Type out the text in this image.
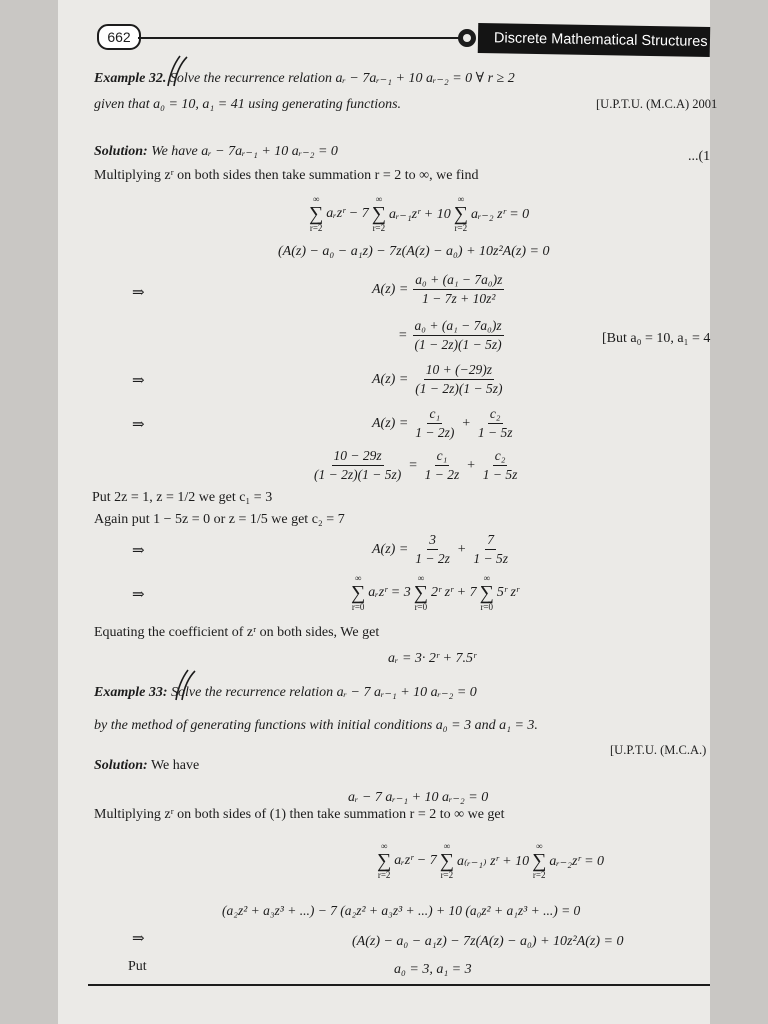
662	Discrete Mathematical Structures
Example 32. Solve the recurrence relation aᵣ − 7aᵣ₋₁ + 10 aᵣ₋₂ = 0 ∀ r ≥ 2
given that a₀ = 10, a₁ = 41 using generating functions.	[U.P.T.U. (M.C.A) 2001
Solution: We have aᵣ − 7aᵣ₋₁ + 10 aᵣ₋₂ = 0	...(1
Multiplying zʳ on both sides then take summation r = 2 to ∞, we find
∞
∑
r=2
aᵣzʳ − 7
∞
∑
r=2
aᵣ₋₁zʳ + 10
∞
∑
r=2
aᵣ₋₂ zʳ = 0
(A(z) − a₀ − a₁z) − 7z(A(z) − a₀) + 10z²A(z) = 0
⇒	$A(z) = \frac{\text{a₀ + (a₁ − 7a₀)z}}{\text{1 − 7z + 10z²}}$
= $\frac{\text{a₀ + (a₁ − 7a₀)z}}{(1 - 2z)(1 - 5z)}$	[But a₀ = 10, a₁ = 4
⇒	$A(z) = \frac{10 + (-29)z}{(1 - 2z)(1 - 5z)}$
⇒	$A(z) = \frac{\text{c₁}}{1 - 2z)} + \frac{\text{c₂}}{1 - 5z}$
$\frac{10 - 29z}{(1 - 2z)(1 - 5z)} = \frac{\text{c₁}}{1 - 2z} + \frac{\text{c₂}}{1 - 5z}$
Put 2z = 1, z = 1/2 we get c₁ = 3
Again put 1 − 5z = 0 or z = 1/5 we get c₂ = 7
⇒	$A(z) = \frac{3}{1 - 2z} + \frac{7}{1 - 5z}$
⇒
∞
∑
r=0
aᵣzʳ = 3
∞
∑
r=0
2ʳ zʳ + 7
∞
∑
r=0
5ʳ zʳ
Equating the coefficient of zʳ on both sides, We get
aᵣ = 3· 2ʳ + 7.5ʳ
Example 33: Solve the recurrence relation aᵣ − 7 aᵣ₋₁ + 10 aᵣ₋₂ = 0
by the method of generating functions with initial conditions a₀ = 3 and a₁ = 3.
[U.P.T.U. (M.C.A.)
Solution: We have
aᵣ − 7 aᵣ₋₁ + 10 aᵣ₋₂ = 0
Multiplying zʳ on both sides of (1) then take summation r = 2 to ∞ we get
∞
∑
r=2
aᵣzʳ − 7
∞
∑
r=2
a₍ᵣ₋₁₎ zʳ + 10
∞
∑
r=2
aᵣ₋₂zʳ = 0
(a₂z² + a₃z³ + ...) − 7 (a₂z² + a₃z³ + ...) + 10 (a₀z² + a₁z³ + ...) = 0
⇒	(A(z) − a₀ − a₁z) − 7z(A(z) − a₀) + 10z²A(z) = 0
Put	a₀ = 3, a₁ = 3
